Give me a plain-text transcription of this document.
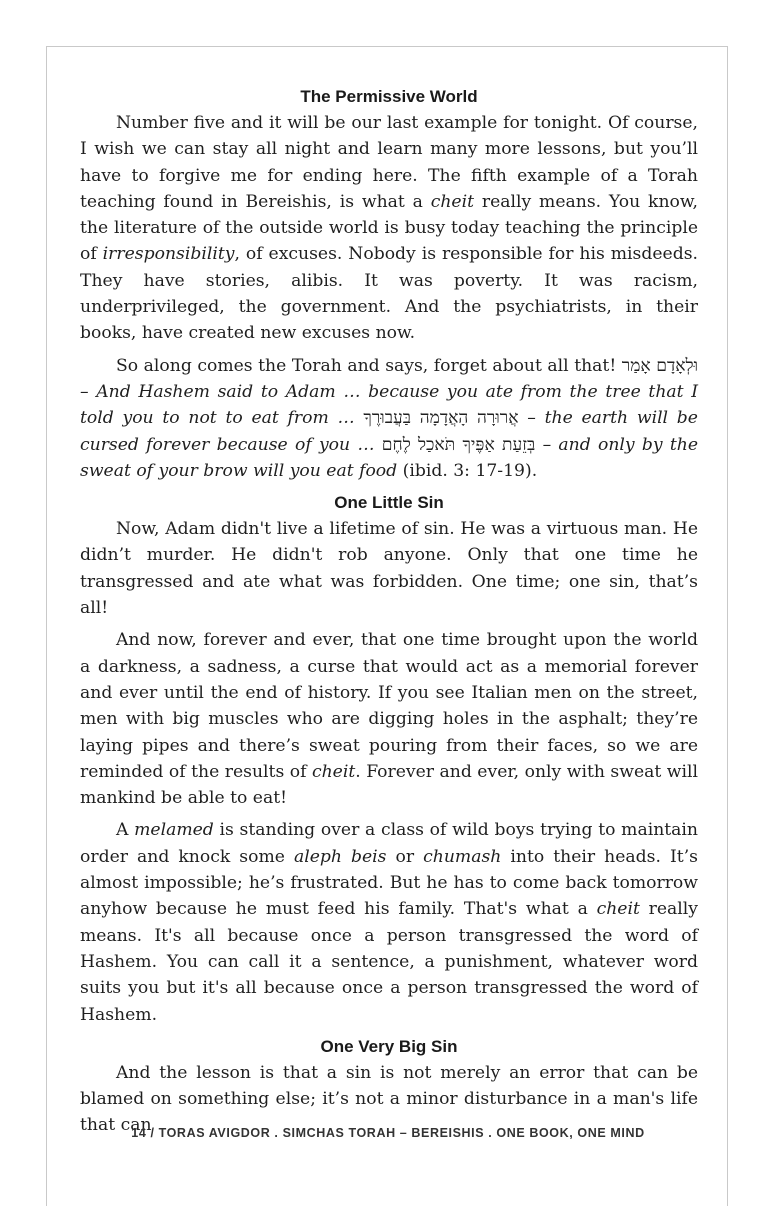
The Permissive World

Number five and it will be our last example for tonight. Of course, I wish we can stay all night and learn many more lessons, but you’ll have to forgive me for ending here. The fifth example of a Torah teaching found in Bereishis, is what a cheit really means. You know, the literature of the outside world is busy today teaching the principle of irresponsibility, of excuses. Nobody is responsible for his misdeeds. They have stories, alibis. It was poverty. It was racism, underprivileged, the government. And the psychiatrists, in their books, have created new excuses now.

So along comes the Torah and says, forget about all that! וּלְאָדָם אָמַר – And Hashem said to Adam … because you ate from the tree that I told you to not to eat from … אֲרוּרָה הָאֲדָמָה בַּעֲבוּרֶךָ – the earth will be cursed forever because of you … בְּזֵעַת אַפֶּיךָ תֹּאכַל לֶחֶם – and only by the sweat of your brow will you eat food (ibid. 3: 17-19).

One Little Sin

Now, Adam didn't live a lifetime of sin. He was a virtuous man. He didn’t murder. He didn't rob anyone. Only that one time he transgressed and ate what was forbidden. One time; one sin, that’s all!

And now, forever and ever, that one time brought upon the world a darkness, a sadness, a curse that would act as a memorial forever and ever until the end of history. If you see Italian men on the street, men with big muscles who are digging holes in the asphalt; they’re laying pipes and there’s sweat pouring from their faces, so we are reminded of the results of cheit. Forever and ever, only with sweat will mankind be able to eat!

A melamed is standing over a class of wild boys trying to maintain order and knock some aleph beis or chumash into their heads. It’s almost impossible; he’s frustrated. But he has to come back tomorrow anyhow because he must feed his family. That's what a cheit really means. It's all because once a person transgressed the word of Hashem. You can call it a sentence, a punishment, whatever word suits you but it's all because once a person transgressed the word of Hashem.

One Very Big Sin

And the lesson is that a sin is not merely an error that can be blamed on something else; it’s not a minor disturbance in a man's life that can

14 / TORAS AVIGDOR . SIMCHAS TORAH – BEREISHIS . ONE BOOK, ONE MIND
